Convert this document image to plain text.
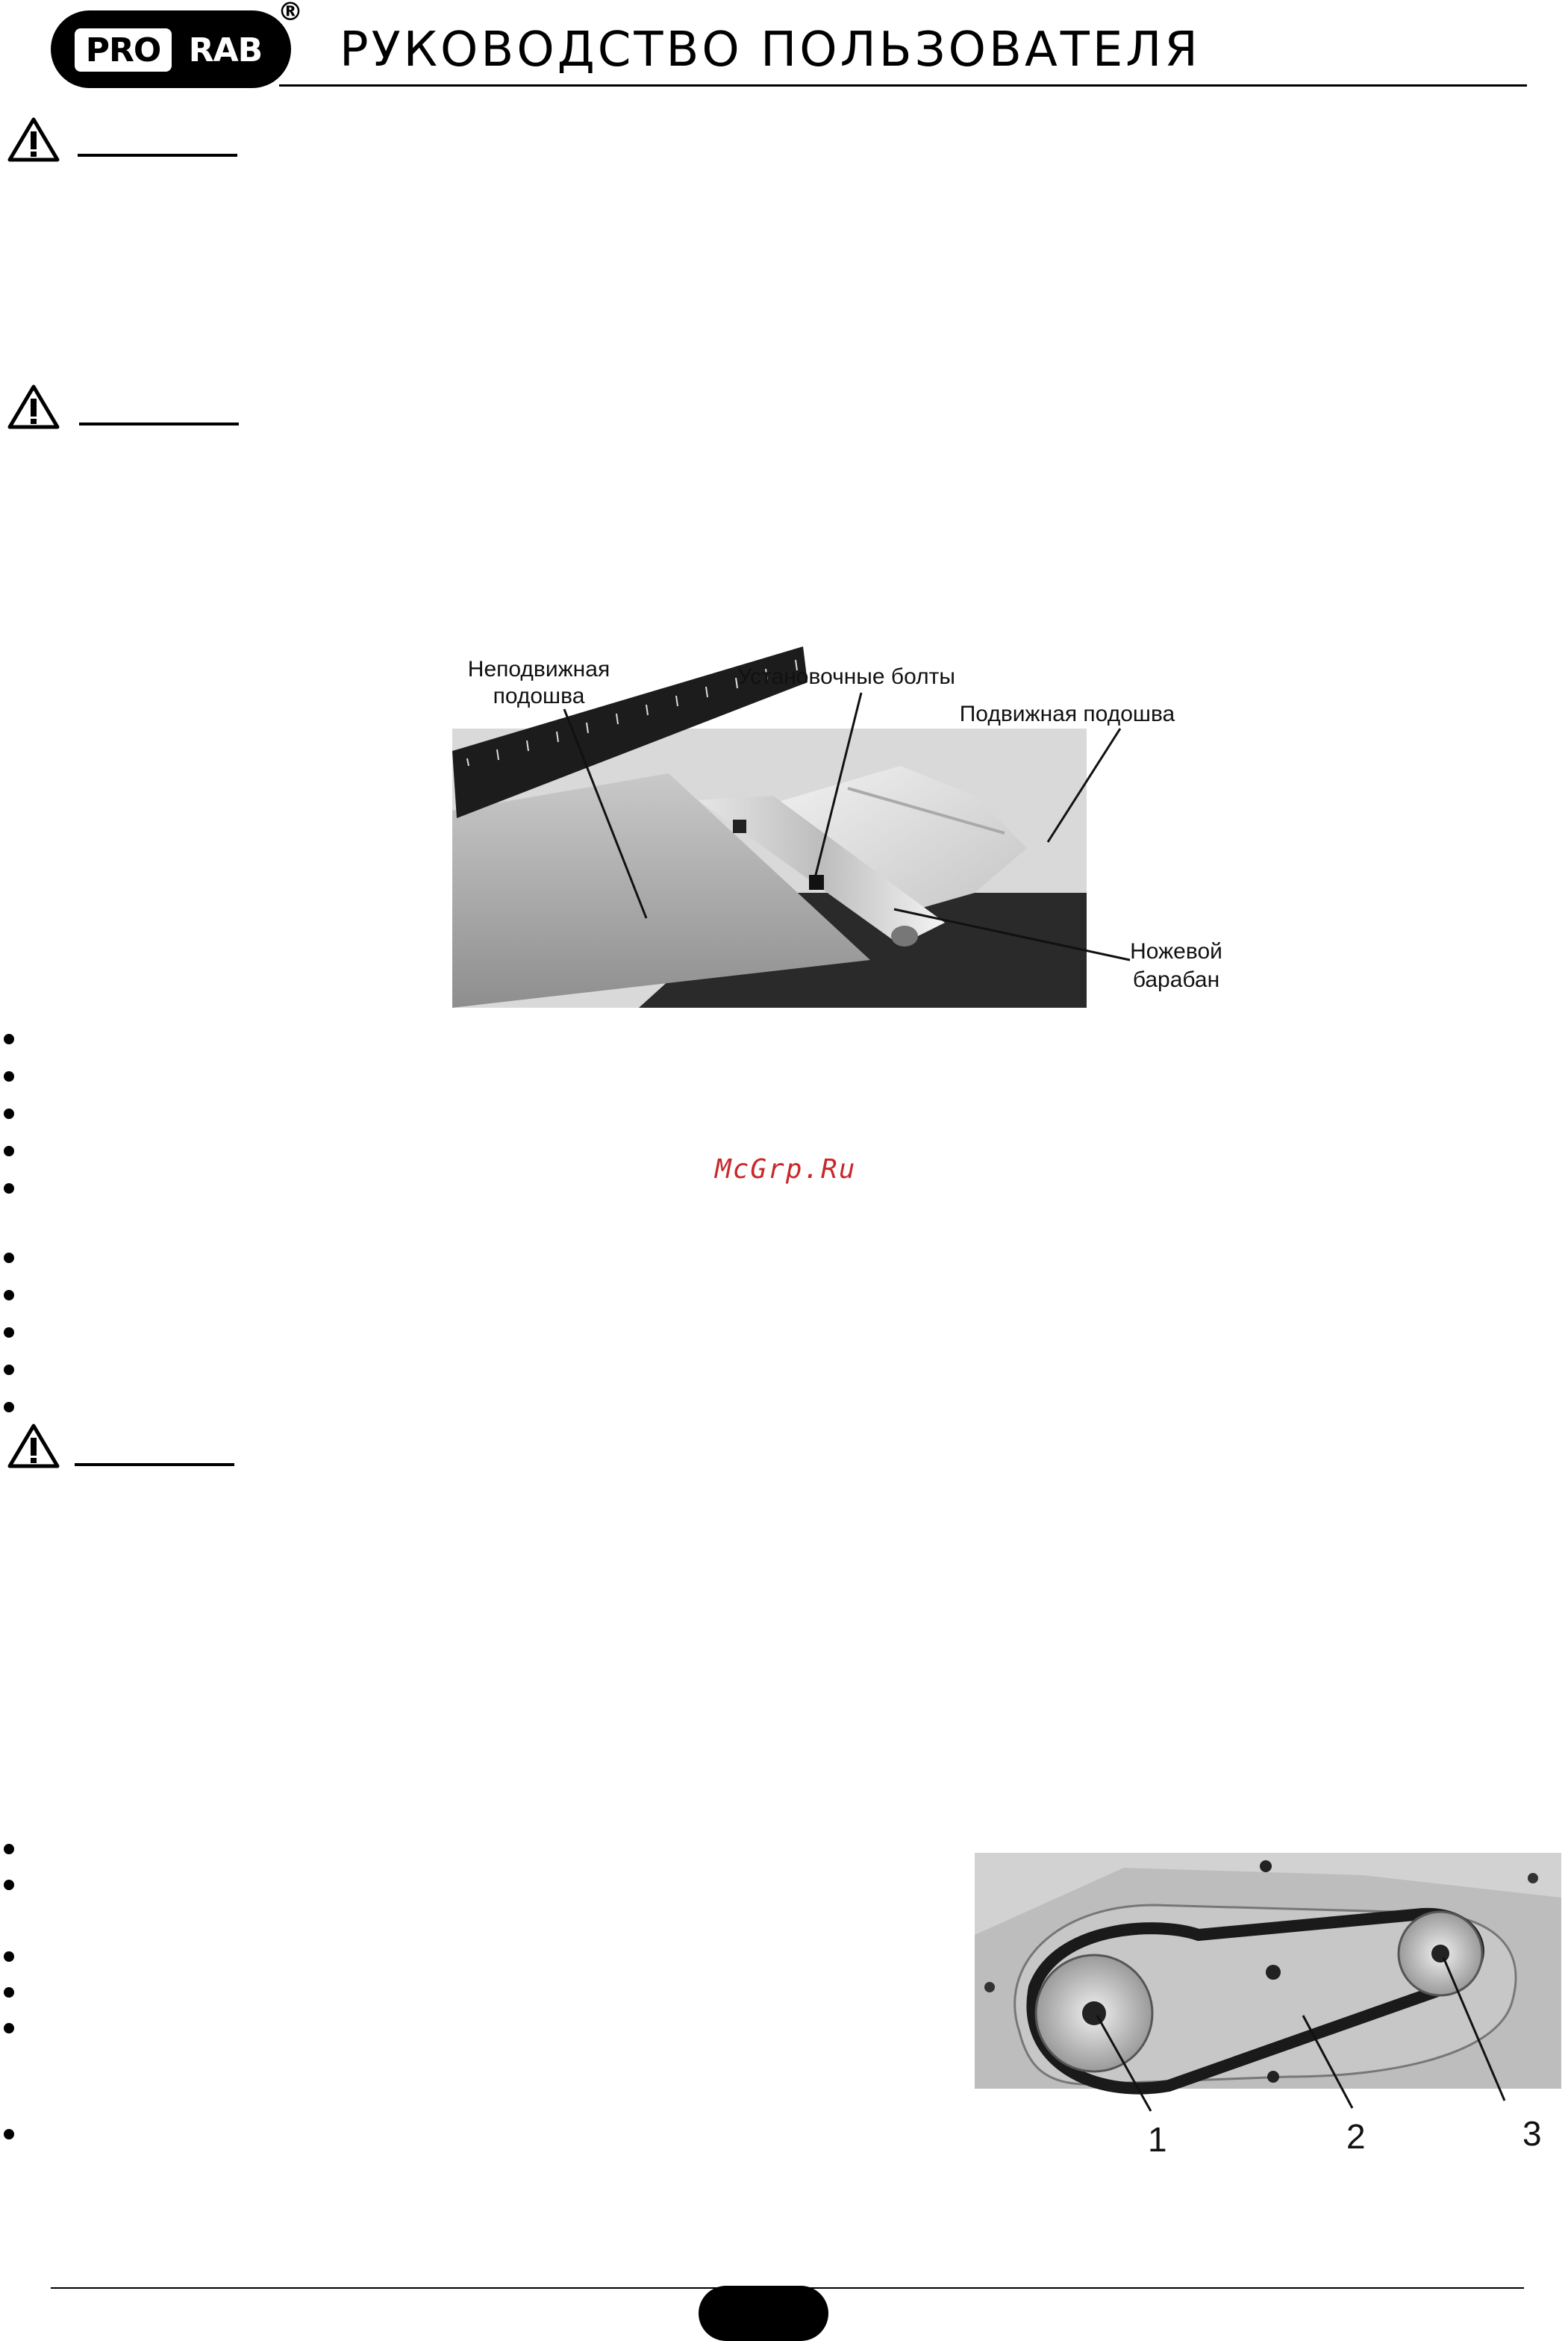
PRO RAB
®
РУКОВОДСТВО ПОЛЬЗОВАТЕЛЯ
Неподвижная
подошва
Установочные болты
Подвижная подошва
Ножевой
барабан
McGrp.Ru
1	2	3
